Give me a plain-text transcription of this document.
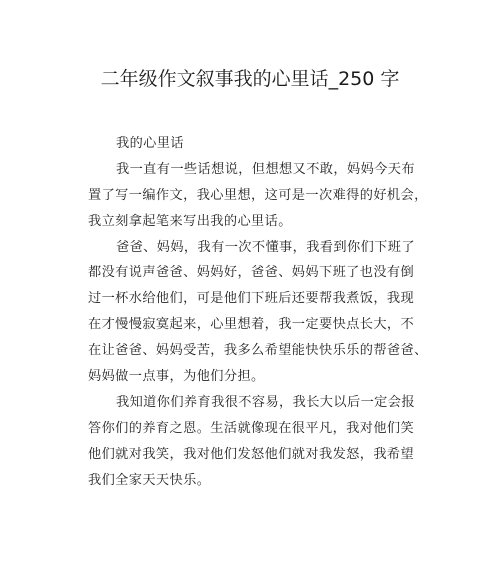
二年级作文叙事我的心里话_250 字
我的心里话
我一直有一些话想说，但想想又不敢，妈妈今天布
置了写一编作文，我心里想，这可是一次难得的好机会，
我立刻拿起笔来写出我的心里话。
爸爸、妈妈，我有一次不懂事，我看到你们下班了
都没有说声爸爸、妈妈好，爸爸、妈妈下班了也没有倒
过一杯水给他们，可是他们下班后还要帮我煮饭，我现
在才慢慢寂寞起来，心里想着，我一定要快点长大，不
在让爸爸、妈妈受苦，我多么希望能快快乐乐的帮爸爸、
妈妈做一点事，为他们分担。
我知道你们养育我很不容易，我长大以后一定会报
答你们的养育之恩。生活就像现在很平凡，我对他们笑
他们就对我笑，我对他们发怒他们就对我发怒，我希望
我们全家天天快乐。
